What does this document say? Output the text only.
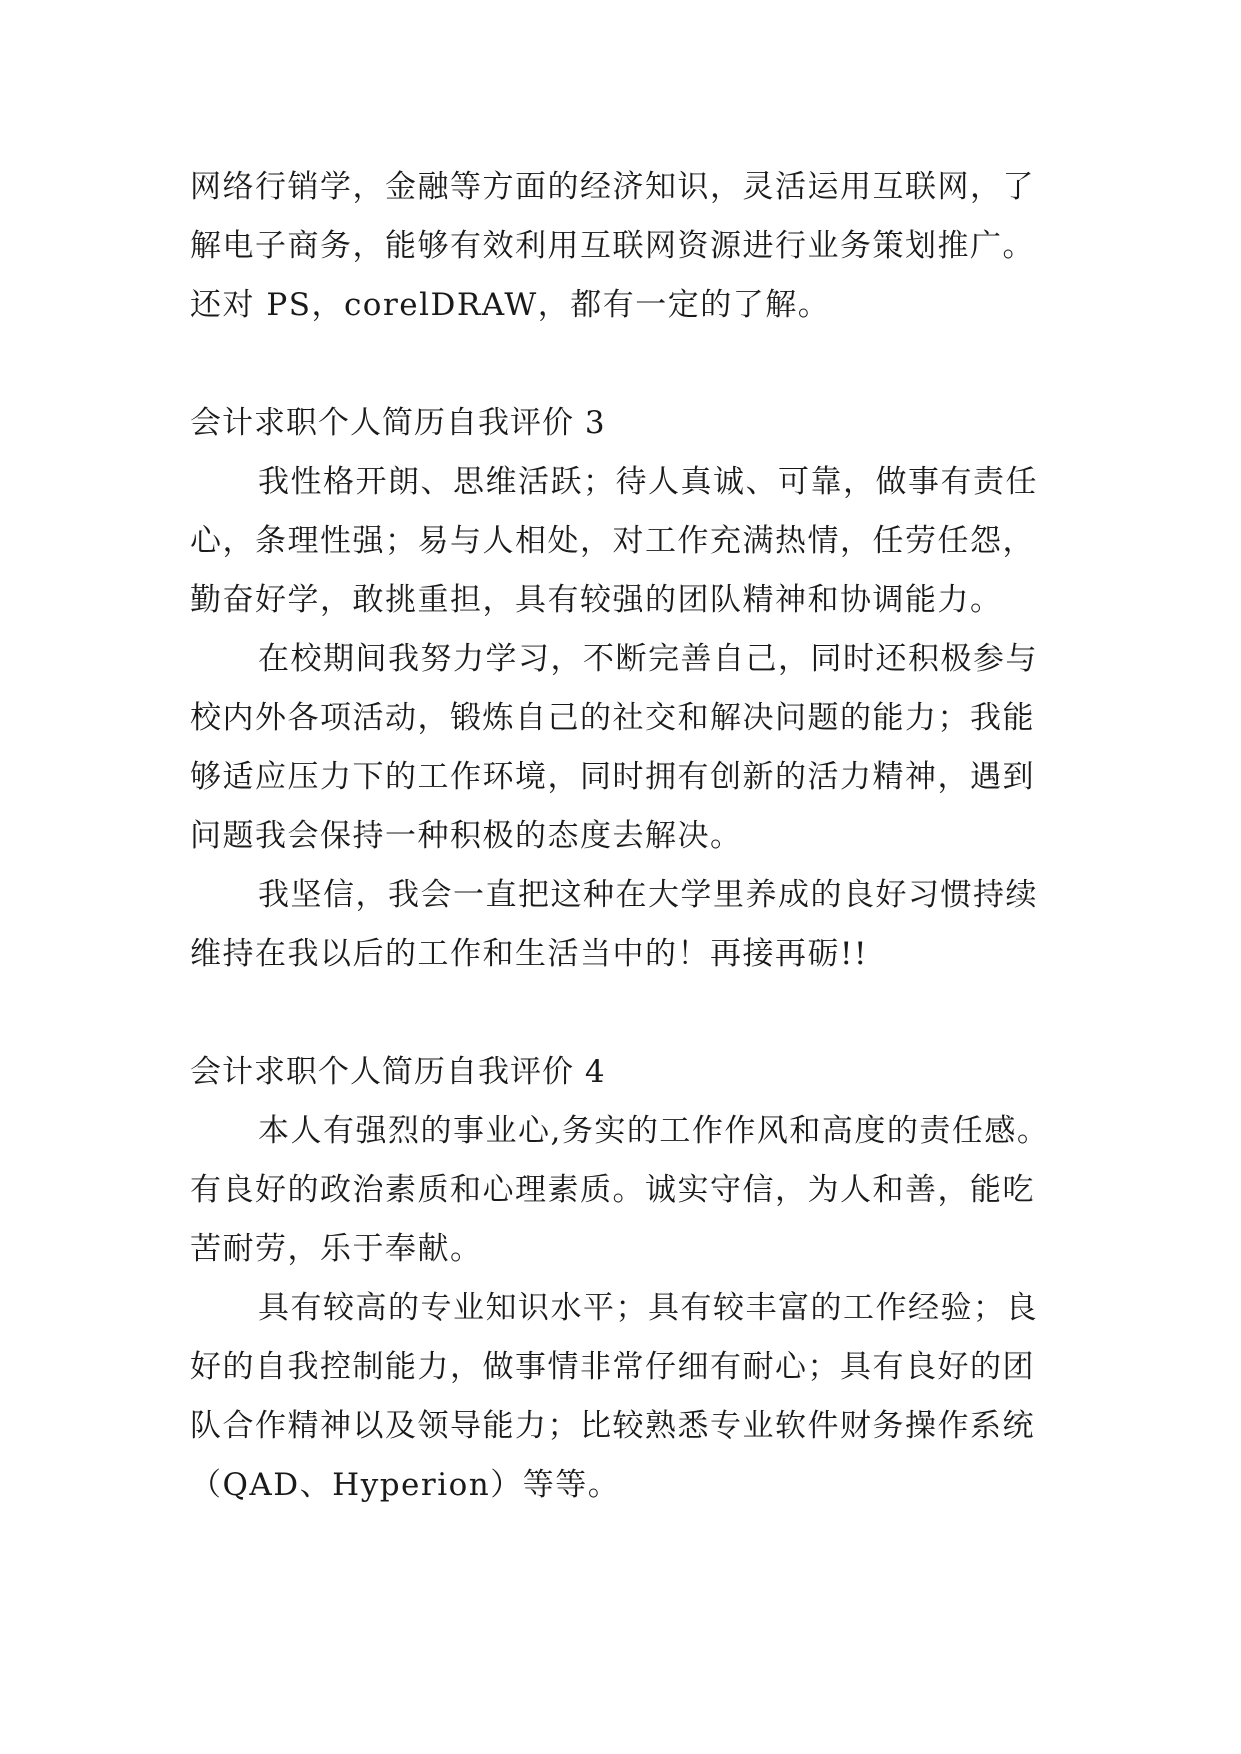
网络行销学，金融等方面的经济知识，灵活运用互联网，了
解电子商务，能够有效利用互联网资源进行业务策划推广。
还对 PS，corelDRAW，都有一定的了解。
会计求职个人简历自我评价 3
我性格开朗、思维活跃；待人真诚、可靠，做事有责任
心，条理性强；易与人相处，对工作充满热情，任劳任怨，
勤奋好学，敢挑重担，具有较强的团队精神和协调能力。
在校期间我努力学习，不断完善自己，同时还积极参与
校内外各项活动，锻炼自己的社交和解决问题的能力；我能
够适应压力下的工作环境，同时拥有创新的活力精神，遇到
问题我会保持一种积极的态度去解决。
我坚信，我会一直把这种在大学里养成的良好习惯持续
维持在我以后的工作和生活当中的！再接再砺!!
会计求职个人简历自我评价 4
本人有强烈的事业心,务实的工作作风和高度的责任感。
有良好的政治素质和心理素质。诚实守信，为人和善，能吃
苦耐劳，乐于奉献。
具有较高的专业知识水平；具有较丰富的工作经验；良
好的自我控制能力，做事情非常仔细有耐心；具有良好的团
队合作精神以及领导能力；比较熟悉专业软件财务操作系统
（QAD、Hyperion）等等。
